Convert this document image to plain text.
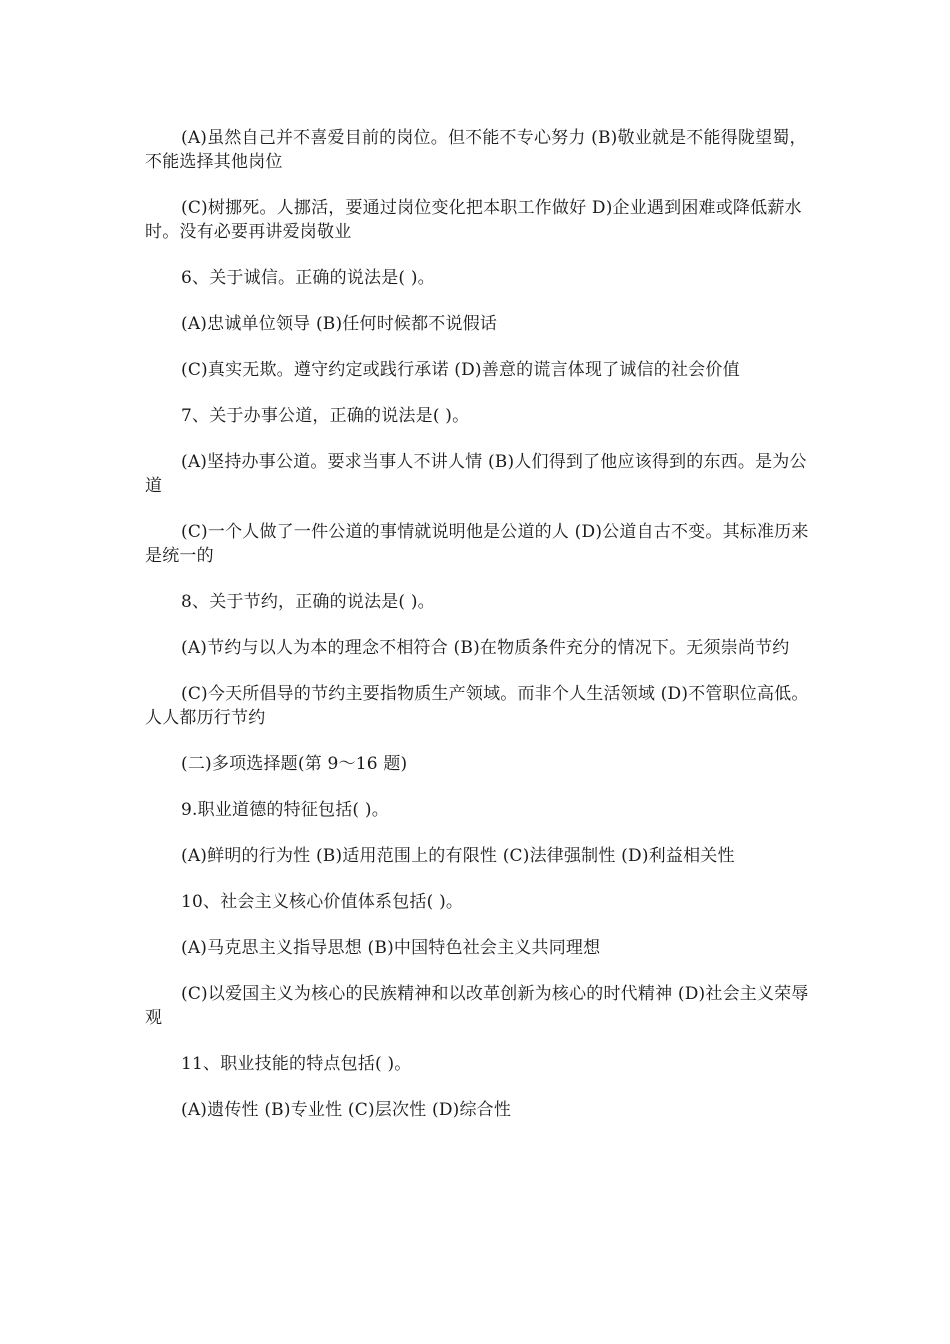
(A)虽然自己并不喜爱目前的岗位。但不能不专心努力 (B)敬业就是不能得陇望蜀，不能选择其他岗位

(C)树挪死。人挪活，要通过岗位变化把本职工作做好 D)企业遇到困难或降低薪水时。没有必要再讲爱岗敬业

6、关于诚信。正确的说法是( )。

(A)忠诚单位领导 (B)任何时候都不说假话

(C)真实无欺。遵守约定或践行承诺 (D)善意的谎言体现了诚信的社会价值

7、关于办事公道，正确的说法是( )。

(A)坚持办事公道。要求当事人不讲人情 (B)人们得到了他应该得到的东西。是为公道

(C)一个人做了一件公道的事情就说明他是公道的人 (D)公道自古不变。其标准历来是统一的

8、关于节约，正确的说法是( )。

(A)节约与以人为本的理念不相符合 (B)在物质条件充分的情况下。无须崇尚节约

(C)今天所倡导的节约主要指物质生产领域。而非个人生活领域 (D)不管职位高低。人人都历行节约

(二)多项选择题(第 9～16 题)

9.职业道德的特征包括( )。

(A)鲜明的行为性 (B)适用范围上的有限性 (C)法律强制性 (D)利益相关性

10、社会主义核心价值体系包括( )。

(A)马克思主义指导思想 (B)中国特色社会主义共同理想

(C)以爱国主义为核心的民族精神和以改革创新为核心的时代精神 (D)社会主义荣辱观

11、职业技能的特点包括( )。

(A)遗传性 (B)专业性 (C)层次性 (D)综合性
